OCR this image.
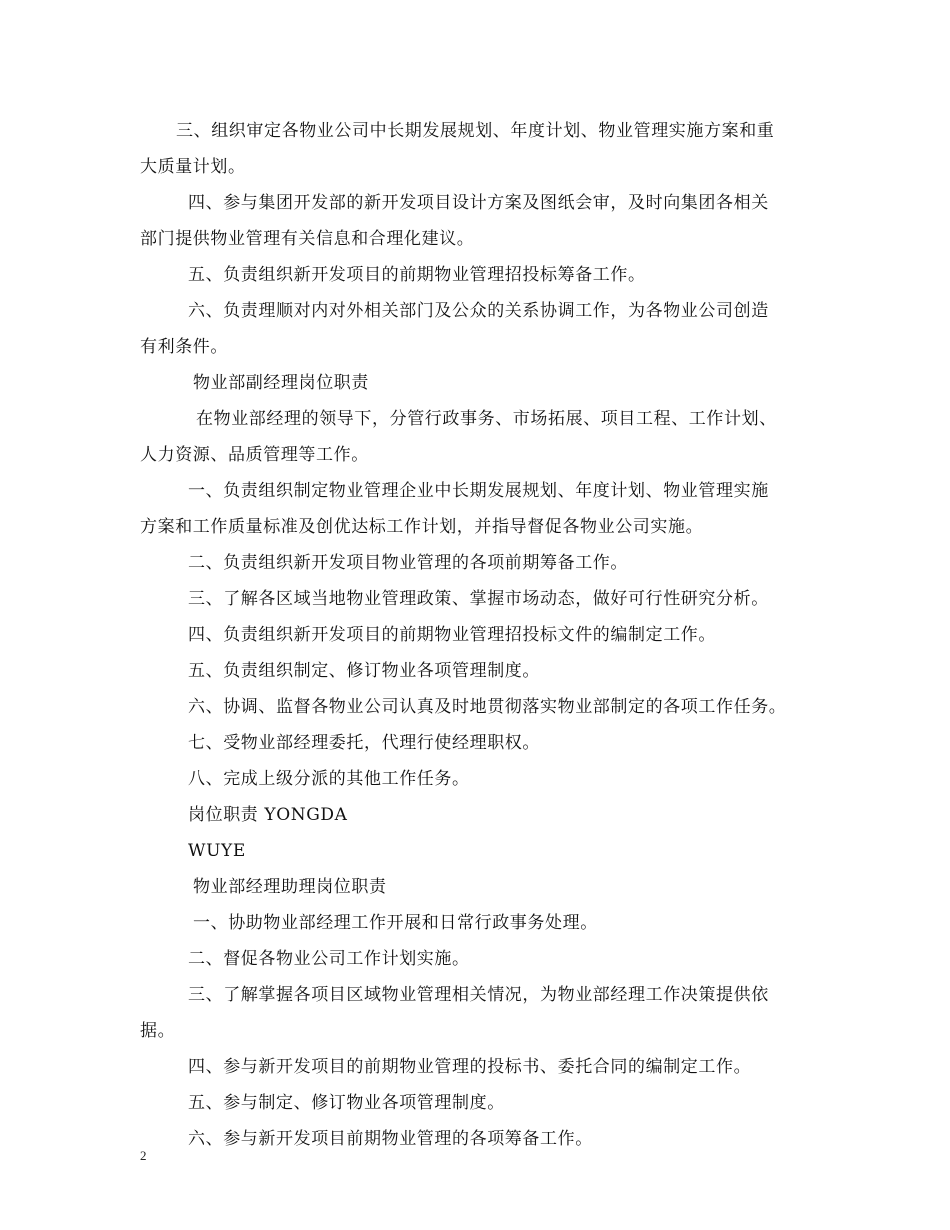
三、组织审定各物业公司中长期发展规划、年度计划、物业管理实施方案和重
大质量计划。
四、参与集团开发部的新开发项目设计方案及图纸会审，及时向集团各相关
部门提供物业管理有关信息和合理化建议。
五、负责组织新开发项目的前期物业管理招投标筹备工作。
六、负责理顺对内对外相关部门及公众的关系协调工作，为各物业公司创造
有利条件。
物业部副经理岗位职责
在物业部经理的领导下，分管行政事务、市场拓展、项目工程、工作计划、
人力资源、品质管理等工作。
一、负责组织制定物业管理企业中长期发展规划、年度计划、物业管理实施
方案和工作质量标准及创优达标工作计划，并指导督促各物业公司实施。
二、负责组织新开发项目物业管理的各项前期筹备工作。
三、了解各区域当地物业管理政策、掌握市场动态，做好可行性研究分析。
四、负责组织新开发项目的前期物业管理招投标文件的编制定工作。
五、负责组织制定、修订物业各项管理制度。
六、协调、监督各物业公司认真及时地贯彻落实物业部制定的各项工作任务。
七、受物业部经理委托，代理行使经理职权。
八、完成上级分派的其他工作任务。
岗位职责 YONGDA
WUYE
物业部经理助理岗位职责
一、协助物业部经理工作开展和日常行政事务处理。
二、督促各物业公司工作计划实施。
三、了解掌握各项目区域物业管理相关情况，为物业部经理工作决策提供依
据。
四、参与新开发项目的前期物业管理的投标书、委托合同的编制定工作。
五、参与制定、修订物业各项管理制度。
六、参与新开发项目前期物业管理的各项筹备工作。
2
